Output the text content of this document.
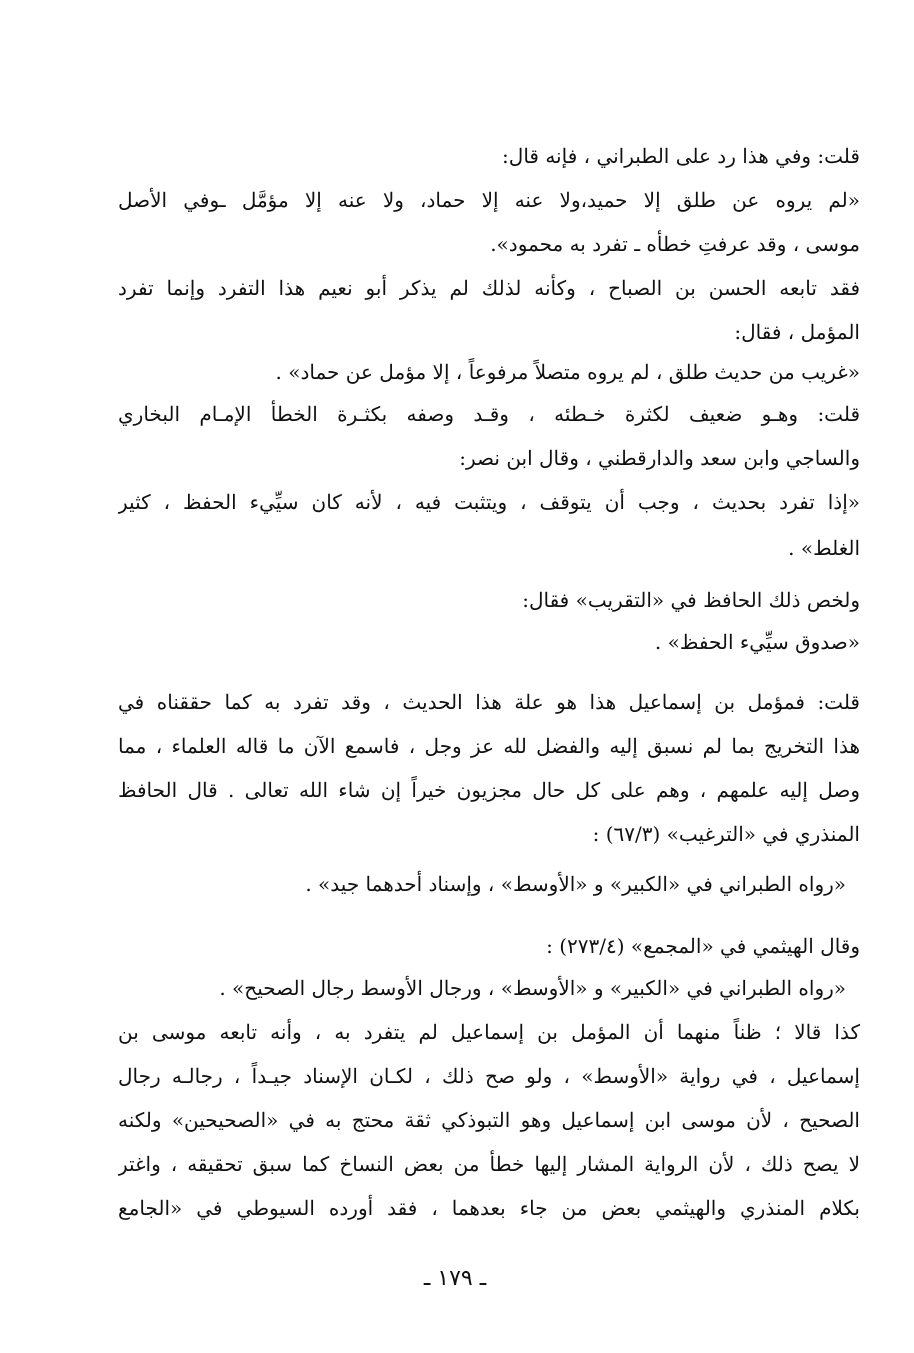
قلت: وفي هذا رد على الطبراني ، فإنه قال:
«لم يروه عن طلق إلا حميد،ولا عنه إلا حماد، ولا عنه إلا مؤمَّل ـوفي الأصل
موسى ، وقد عرفتِ خطأه ـ تفرد به محمود».
فقد تابعه الحسن بن الصباح ، وكأنه لذلك لم يذكر أبو نعيم هذا التفرد وإنما تفرد
المؤمل ، فقال:
«غريب من حديث طلق ، لم يروه متصلاً مرفوعاً ، إلا مؤمل عن حماد» .
قلت: وهـو ضعيف لكثرة خـطئه ، وقـد وصفه بكثـرة الخطأ الإمـام البخاري
والساجي وابن سعد والدارقطني ، وقال ابن نصر:
«إذا تفرد بحديث ، وجب أن يتوقف ، ويتثبت فيه ، لأنه كان سيِّيء الحفظ ، كثير
الغلط» .
ولخص ذلك الحافظ في «التقريب» فقال:
«صدوق سيِّيء الحفظ» .
قلت: فمؤمل بن إسماعيل هذا هو علة هذا الحديث ، وقد تفرد به كما حققناه في
هذا التخريج بما لم نسبق إليه والفضل لله عز وجل ، فاسمع الآن ما قاله العلماء ، مما
وصل إليه علمهم ، وهم على كل حال مجزيون خيراً إن شاء الله تعالى . قال الحافظ
المنذري في «الترغيب» (٦٧/٣) :
«رواه الطبراني في «الكبير» و «الأوسط» ، وإسناد أحدهما جيد» .
وقال الهيثمي في «المجمع» (٢٧٣/٤) :
«رواه الطبراني في «الكبير» و «الأوسط» ، ورجال الأوسط رجال الصحيح» .
كذا قالا ؛ ظناً منهما أن المؤمل بن إسماعيل لم يتفرد به ، وأنه تابعه موسى بن
إسماعيل ، في رواية «الأوسط» ، ولو صح ذلك ، لكـان الإسناد جيـداً ، رجالـه رجال
الصحيح ، لأن موسى ابن إسماعيل وهو التبوذكي ثقة محتج به في «الصحيحين» ولكنه
لا يصح ذلك ، لأن الرواية المشار إليها خطأ من بعض النساخ كما سبق تحقيقه ، واغتر
بكلام المنذري والهيثمي بعض من جاء بعدهما ، فقد أورده السيوطي في «الجامع
ـ ١٧٩ ـ
